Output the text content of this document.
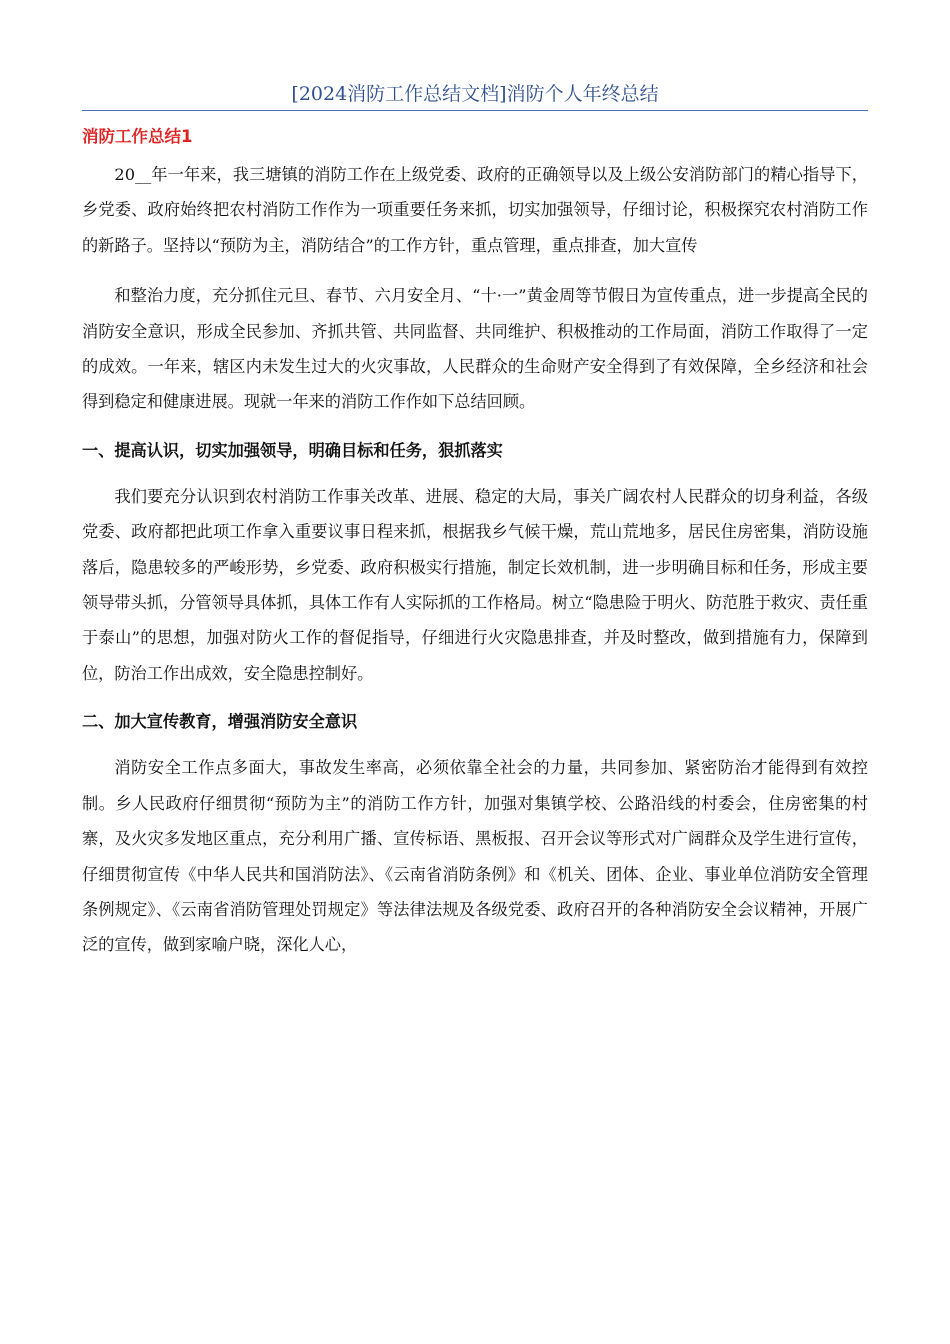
[2024消防工作总结文档]消防个人年终总结
消防工作总结1

20__年一年来，我三塘镇的消防工作在上级党委、政府的正确领导以及上级公安消防部门的精心指导下，乡党委、政府始终把农村消防工作作为一项重要任务来抓，切实加强领导，仔细讨论，积极探究农村消防工作的新路子。坚持以“预防为主，消防结合”的工作方针，重点管理，重点排查，加大宣传

和整治力度，充分抓住元旦、春节、六月安全月、“十·一”黄金周等节假日为宣传重点，进一步提高全民的消防安全意识，形成全民参加、齐抓共管、共同监督、共同维护、积极推动的工作局面，消防工作取得了一定的成效。一年来，辖区内未发生过大的火灾事故，人民群众的生命财产安全得到了有效保障，全乡经济和社会得到稳定和健康进展。现就一年来的消防工作作如下总结回顾。

一、提高认识，切实加强领导，明确目标和任务，狠抓落实

我们要充分认识到农村消防工作事关改革、进展、稳定的大局，事关广阔农村人民群众的切身利益，各级党委、政府都把此项工作拿入重要议事日程来抓，根据我乡气候干燥，荒山荒地多，居民住房密集，消防设施落后，隐患较多的严峻形势，乡党委、政府积极实行措施，制定长效机制，进一步明确目标和任务，形成主要领导带头抓，分管领导具体抓，具体工作有人实际抓的工作格局。树立“隐患险于明火、防范胜于救灾、责任重于泰山”的思想，加强对防火工作的督促指导，仔细进行火灾隐患排查，并及时整改，做到措施有力，保障到位，防治工作出成效，安全隐患控制好。

二、加大宣传教育，增强消防安全意识

消防安全工作点多面大，事故发生率高，必须依靠全社会的力量，共同参加、紧密防治才能得到有效控制。乡人民政府仔细贯彻“预防为主”的消防工作方针，加强对集镇学校、公路沿线的村委会，住房密集的村寨，及火灾多发地区重点，充分利用广播、宣传标语、黑板报、召开会议等形式对广阔群众及学生进行宣传，仔细贯彻宣传《中华人民共和国消防法》、《云南省消防条例》和《机关、团体、企业、事业单位消防安全管理条例规定》、《云南省消防管理处罚规定》等法律法规及各级党委、政府召开的各种消防安全会议精神，开展广泛的宣传，做到家喻户晓，深化人心，
